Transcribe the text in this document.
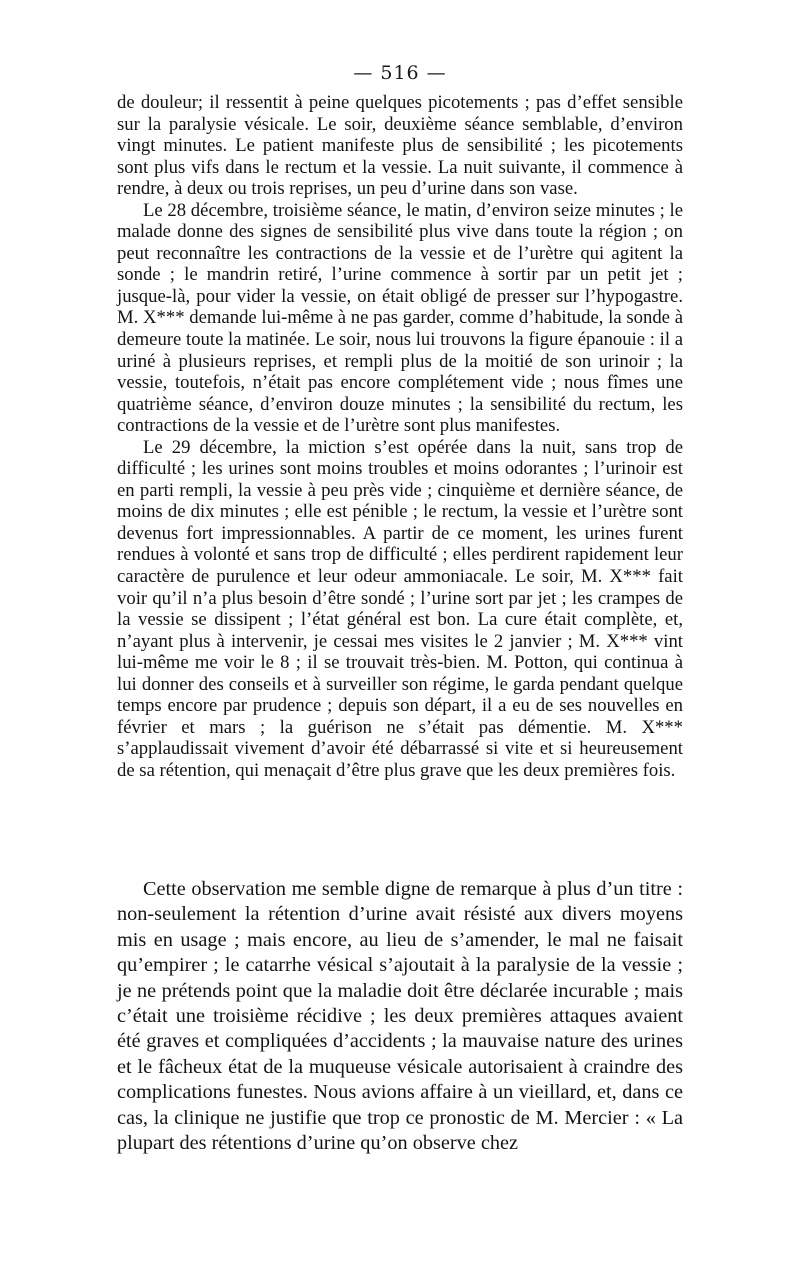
— 516 —

de douleur; il ressentit à peine quelques picotements ; pas d’effet sensible sur la paralysie vésicale. Le soir, deuxième séance semblable, d’environ vingt minutes. Le patient manifeste plus de sensibilité ; les picotements sont plus vifs dans le rectum et la vessie. La nuit suivante, il commence à rendre, à deux ou trois reprises, un peu d’urine dans son vase.

Le 28 décembre, troisième séance, le matin, d’environ seize minutes ; le malade donne des signes de sensibilité plus vive dans toute la région ; on peut reconnaître les contractions de la vessie et de l’urètre qui agitent la sonde ; le mandrin retiré, l’urine commence à sortir par un petit jet ; jusque-là, pour vider la vessie, on était obligé de presser sur l’hypogastre. M. X*** demande lui-même à ne pas garder, comme d’habitude, la sonde à demeure toute la matinée. Le soir, nous lui trouvons la figure épanouie : il a uriné à plusieurs reprises, et rempli plus de la moitié de son urinoir ; la vessie, toutefois, n’était pas encore complétement vide ; nous fîmes une quatrième séance, d’environ douze minutes ; la sensibilité du rectum, les contractions de la vessie et de l’urètre sont plus manifestes.

Le 29 décembre, la miction s’est opérée dans la nuit, sans trop de difficulté ; les urines sont moins troubles et moins odorantes ; l’urinoir est en parti rempli, la vessie à peu près vide ; cinquième et dernière séance, de moins de dix minutes ; elle est pénible ; le rectum, la vessie et l’urètre sont devenus fort impressionnables. A partir de ce moment, les urines furent rendues à volonté et sans trop de difficulté ; elles perdirent rapidement leur caractère de purulence et leur odeur ammoniacale. Le soir, M. X*** fait voir qu’il n’a plus besoin d’être sondé ; l’urine sort par jet ; les crampes de la vessie se dissipent ; l’état général est bon. La cure était complète, et, n’ayant plus à intervenir, je cessai mes visites le 2 janvier ; M. X*** vint lui-même me voir le 8 ; il se trouvait très-bien. M. Potton, qui continua à lui donner des conseils et à surveiller son régime, le garda pendant quelque temps encore par prudence ; depuis son départ, il a eu de ses nouvelles en février et mars ; la guérison ne s’était pas démentie. M. X*** s’applaudissait vivement d’avoir été débarrassé si vite et si heureusement de sa rétention, qui menaçait d’être plus grave que les deux premières fois.

Cette observation me semble digne de remarque à plus d’un titre : non-seulement la rétention d’urine avait résisté aux divers moyens mis en usage ; mais encore, au lieu de s’amender, le mal ne faisait qu’empirer ; le catarrhe vésical s’ajoutait à la paralysie de la vessie ; je ne prétends point que la maladie doit être déclarée incurable ; mais c’était une troisième récidive ; les deux premières attaques avaient été graves et compliquées d’accidents ; la mauvaise nature des urines et le fâcheux état de la muqueuse vésicale autorisaient à craindre des complications funestes. Nous avions affaire à un vieillard, et, dans ce cas, la clinique ne justifie que trop ce pronostic de M. Mercier : « La plupart des rétentions d’urine qu’on observe chez
